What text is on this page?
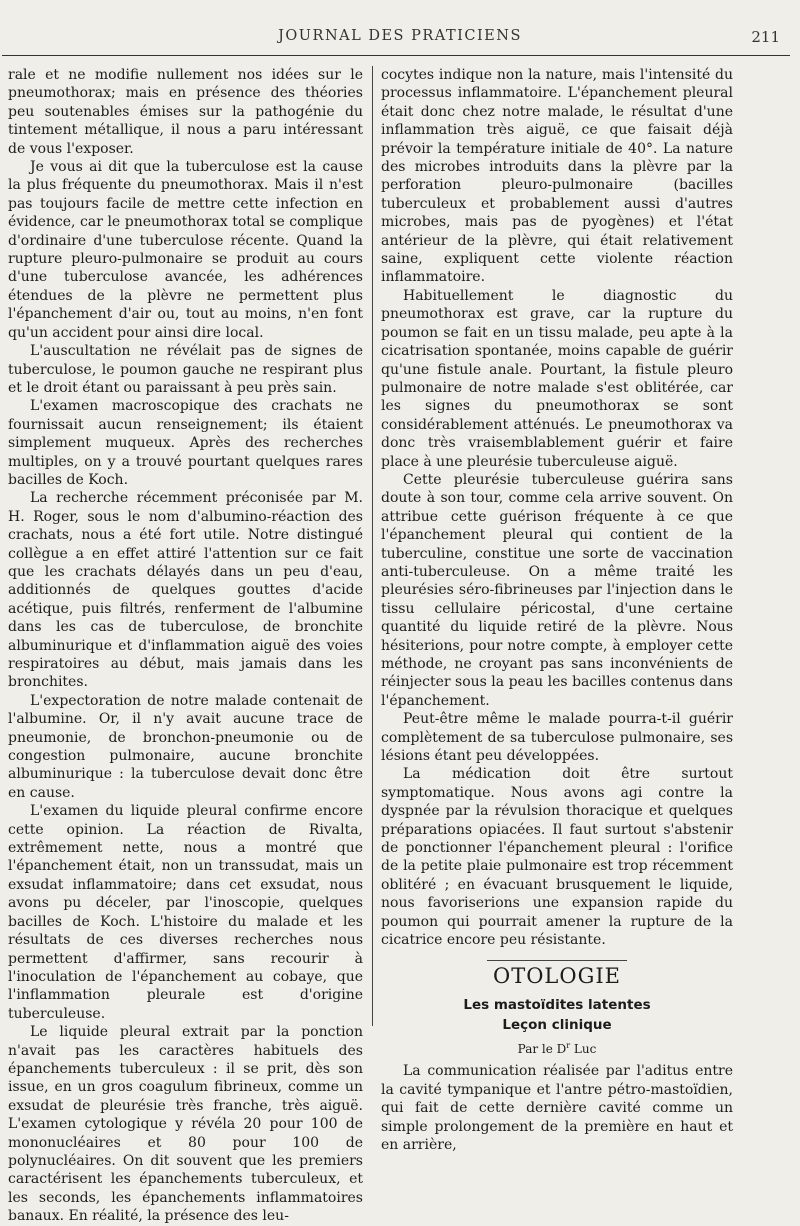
JOURNAL DES PRATICIENS	211

rale et ne modifie nullement nos idées sur le pneumothorax; mais en présence des théories peu soutenables émises sur la pathogénie du tintement métallique, il nous a paru intéressant de vous l'exposer.

Je vous ai dit que la tuberculose est la cause la plus fréquente du pneumothorax. Mais il n'est pas toujours facile de mettre cette infection en évidence, car le pneumothorax total se complique d'ordinaire d'une tuberculose récente. Quand la rupture pleuro-pulmonaire se produit au cours d'une tuberculose avancée, les adhérences étendues de la plèvre ne permettent plus l'épanchement d'air ou, tout au moins, n'en font qu'un accident pour ainsi dire local.

L'auscultation ne révélait pas de signes de tuberculose, le poumon gauche ne respirant plus et le droit étant ou paraissant à peu près sain.

L'examen macroscopique des crachats ne fournissait aucun renseignement; ils étaient simplement muqueux. Après des recherches multiples, on y a trouvé pourtant quelques rares bacilles de Koch.

La recherche récemment préconisée par M. H. Roger, sous le nom d'albumino-réaction des crachats, nous a été fort utile. Notre distingué collègue a en effet attiré l'attention sur ce fait que les crachats délayés dans un peu d'eau, additionnés de quelques gouttes d'acide acétique, puis filtrés, renferment de l'albumine dans les cas de tuberculose, de bronchite albuminurique et d'inflammation aiguë des voies respiratoires au début, mais jamais dans les bronchites.

L'expectoration de notre malade contenait de l'albumine. Or, il n'y avait aucune trace de pneumonie, de bronchon-pneumonie ou de congestion pulmonaire, aucune bronchite albuminurique : la tuberculose devait donc être en cause.

L'examen du liquide pleural confirme encore cette opinion. La réaction de Rivalta, extrêmement nette, nous a montré que l'épanchement était, non un transsudat, mais un exsudat inflammatoire; dans cet exsudat, nous avons pu déceler, par l'inoscopie, quelques bacilles de Koch. L'histoire du malade et les résultats de ces diverses recherches nous permettent d'affirmer, sans recourir à l'inoculation de l'épanchement au cobaye, que l'inflammation pleurale est d'origine tuberculeuse.

Le liquide pleural extrait par la ponction n'avait pas les caractères habituels des épanchements tuberculeux : il se prit, dès son issue, en un gros coagulum fibrineux, comme un exsudat de pleurésie très franche, très aiguë. L'examen cytologique y révéla 20 pour 100 de mononucléaires et 80 pour 100 de polynucléaires. On dit souvent que les premiers caractérisent les épanchements tuberculeux, et les seconds, les épanchements inflammatoires banaux. En réalité, la présence des leu-

cocytes indique non la nature, mais l'intensité du processus inflammatoire. L'épanchement pleural était donc chez notre malade, le résultat d'une inflammation très aiguë, ce que faisait déjà prévoir la température initiale de 40°. La nature des microbes introduits dans la plèvre par la perforation pleuro-pulmonaire (bacilles tuberculeux et probablement aussi d'autres microbes, mais pas de pyogènes) et l'état antérieur de la plèvre, qui était relativement saine, expliquent cette violente réaction inflammatoire.

Habituellement le diagnostic du pneumothorax est grave, car la rupture du poumon se fait en un tissu malade, peu apte à la cicatrisation spontanée, moins capable de guérir qu'une fistule anale. Pourtant, la fistule pleuro pulmonaire de notre malade s'est oblitérée, car les signes du pneumothorax se sont considérablement atténués. Le pneumothorax va donc très vraisemblablement guérir et faire place à une pleurésie tuberculeuse aiguë.

Cette pleurésie tuberculeuse guérira sans doute à son tour, comme cela arrive souvent. On attribue cette guérison fréquente à ce que l'épanchement pleural qui contient de la tuberculine, constitue une sorte de vaccination anti-tuberculeuse. On a même traité les pleurésies séro-fibrineuses par l'injection dans le tissu cellulaire péricostal, d'une certaine quantité du liquide retiré de la plèvre. Nous hésiterions, pour notre compte, à employer cette méthode, ne croyant pas sans inconvénients de réinjecter sous la peau les bacilles contenus dans l'épanchement.

Peut-être même le malade pourra-t-il guérir complètement de sa tuberculose pulmonaire, ses lésions étant peu développées.

La médication doit être surtout symptomatique. Nous avons agi contre la dyspnée par la révulsion thoracique et quelques préparations opiacées. Il faut surtout s'abstenir de ponctionner l'épanchement pleural : l'orifice de la petite plaie pulmonaire est trop récemment oblitéré ; en évacuant brusquement le liquide, nous favoriserions une expansion rapide du poumon qui pourrait amener la rupture de la cicatrice encore peu résistante.

OTOLOGIE
Les mastoïdites latentes
Leçon clinique
Par le $D^r$ Luc

La communication réalisée par l'aditus entre la cavité tympanique et l'antre pétro-mastoïdien, qui fait de cette dernière cavité comme un simple prolongement de la première en haut et en arrière,
